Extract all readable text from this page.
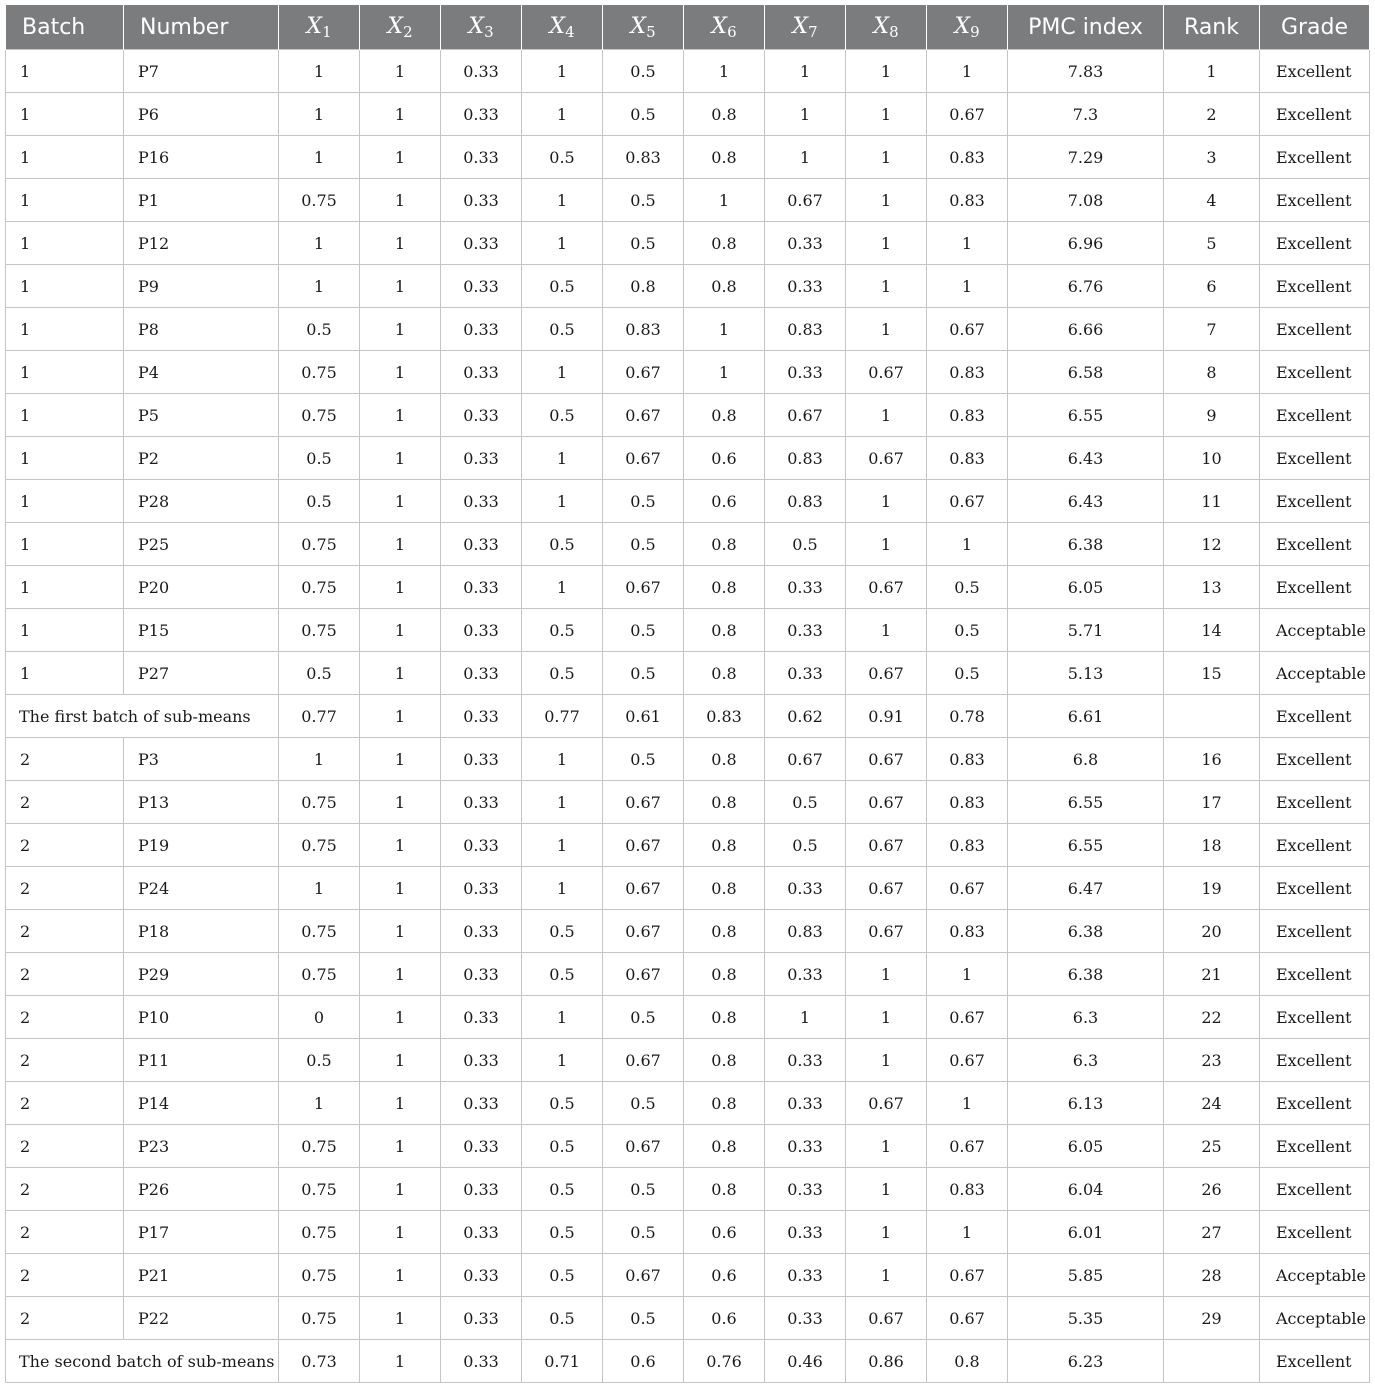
Batch	Number	$X_1$	$X_2$	$X_3$	$X_4$	$X_5$	$X_6$	$X_7$	$X_8$	$X_9$	PMC index	Rank	Grade
1	P7	1	1	0.33	1	0.5	1	1	1	1	7.83	1	Excellent
1	P6	1	1	0.33	1	0.5	0.8	1	1	0.67	7.3	2	Excellent
1	P16	1	1	0.33	0.5	0.83	0.8	1	1	0.83	7.29	3	Excellent
1	P1	0.75	1	0.33	1	0.5	1	0.67	1	0.83	7.08	4	Excellent
1	P12	1	1	0.33	1	0.5	0.8	0.33	1	1	6.96	5	Excellent
1	P9	1	1	0.33	0.5	0.8	0.8	0.33	1	1	6.76	6	Excellent
1	P8	0.5	1	0.33	0.5	0.83	1	0.83	1	0.67	6.66	7	Excellent
1	P4	0.75	1	0.33	1	0.67	1	0.33	0.67	0.83	6.58	8	Excellent
1	P5	0.75	1	0.33	0.5	0.67	0.8	0.67	1	0.83	6.55	9	Excellent
1	P2	0.5	1	0.33	1	0.67	0.6	0.83	0.67	0.83	6.43	10	Excellent
1	P28	0.5	1	0.33	1	0.5	0.6	0.83	1	0.67	6.43	11	Excellent
1	P25	0.75	1	0.33	0.5	0.5	0.8	0.5	1	1	6.38	12	Excellent
1	P20	0.75	1	0.33	1	0.67	0.8	0.33	0.67	0.5	6.05	13	Excellent
1	P15	0.75	1	0.33	0.5	0.5	0.8	0.33	1	0.5	5.71	14	Acceptable
1	P27	0.5	1	0.33	0.5	0.5	0.8	0.33	0.67	0.5	5.13	15	Acceptable
The first batch of sub-means		0.77	1	0.33	0.77	0.61	0.83	0.62	0.91	0.78	6.61		Excellent
2	P3	1	1	0.33	1	0.5	0.8	0.67	0.67	0.83	6.8	16	Excellent
2	P13	0.75	1	0.33	1	0.67	0.8	0.5	0.67	0.83	6.55	17	Excellent
2	P19	0.75	1	0.33	1	0.67	0.8	0.5	0.67	0.83	6.55	18	Excellent
2	P24	1	1	0.33	1	0.67	0.8	0.33	0.67	0.67	6.47	19	Excellent
2	P18	0.75	1	0.33	0.5	0.67	0.8	0.83	0.67	0.83	6.38	20	Excellent
2	P29	0.75	1	0.33	0.5	0.67	0.8	0.33	1	1	6.38	21	Excellent
2	P10	0	1	0.33	1	0.5	0.8	1	1	0.67	6.3	22	Excellent
2	P11	0.5	1	0.33	1	0.67	0.8	0.33	1	0.67	6.3	23	Excellent
2	P14	1	1	0.33	0.5	0.5	0.8	0.33	0.67	1	6.13	24	Excellent
2	P23	0.75	1	0.33	0.5	0.67	0.8	0.33	1	0.67	6.05	25	Excellent
2	P26	0.75	1	0.33	0.5	0.5	0.8	0.33	1	0.83	6.04	26	Excellent
2	P17	0.75	1	0.33	0.5	0.5	0.6	0.33	1	1	6.01	27	Excellent
2	P21	0.75	1	0.33	0.5	0.67	0.6	0.33	1	0.67	5.85	28	Acceptable
2	P22	0.75	1	0.33	0.5	0.5	0.6	0.33	0.67	0.67	5.35	29	Acceptable
The second batch of sub-means		0.73	1	0.33	0.71	0.6	0.76	0.46	0.86	0.8	6.23		Excellent
